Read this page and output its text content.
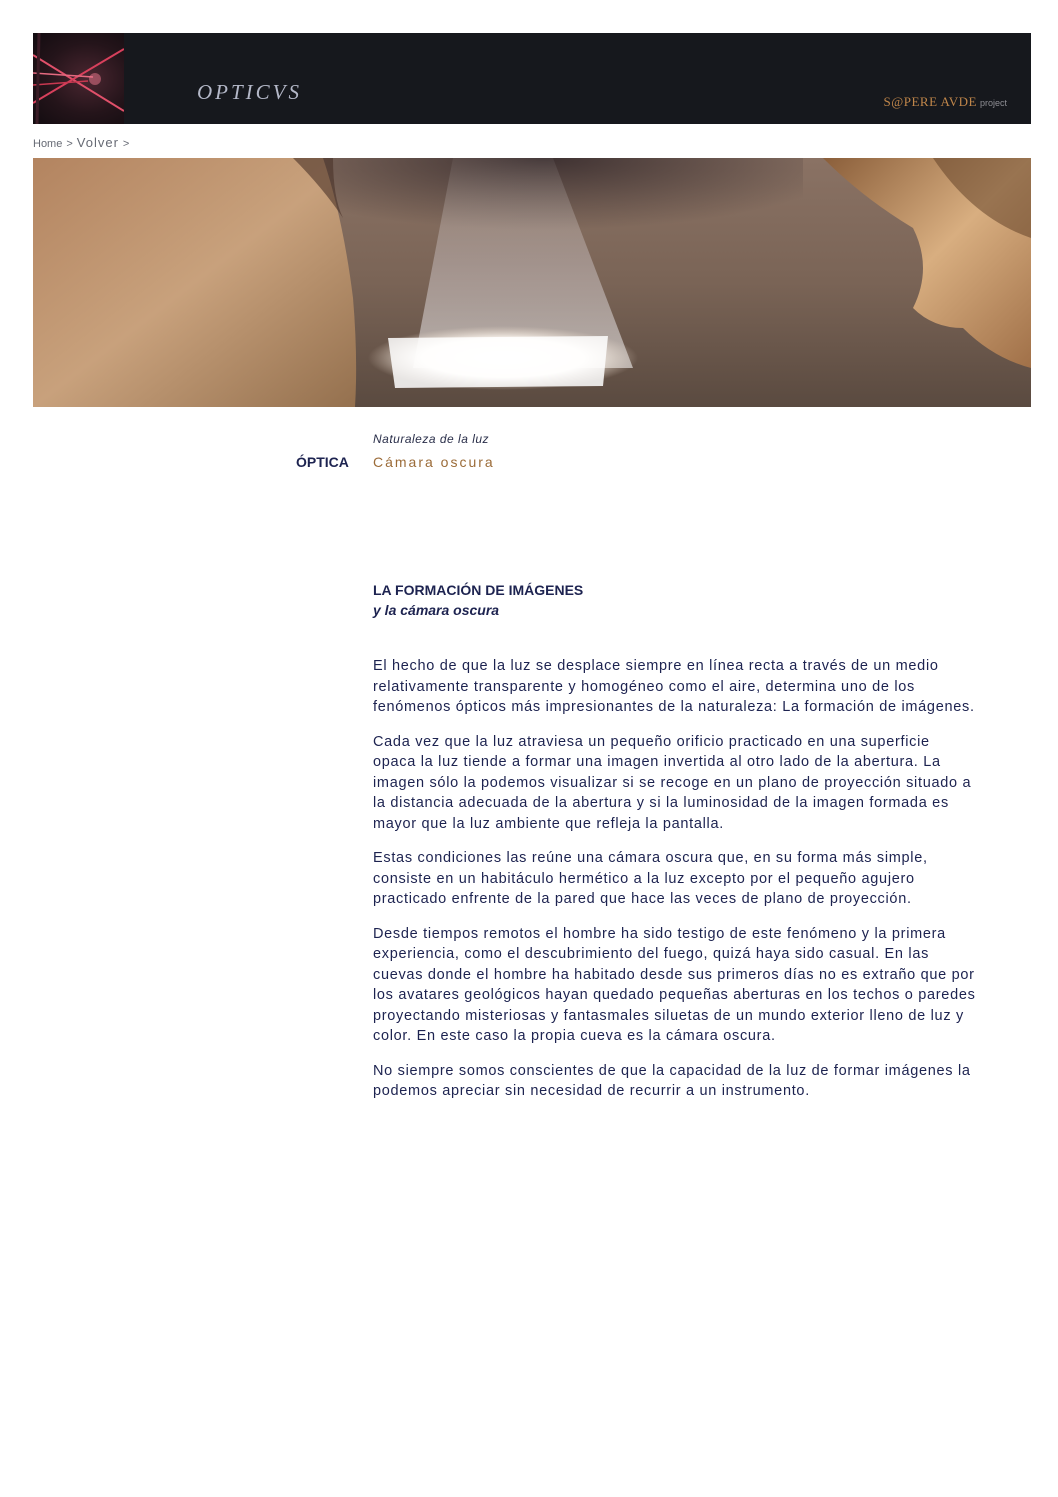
OPTICVS	S@PERE AVDE project
Home > Volver >
ÓPTICA
Naturaleza de la luz
Cámara oscura
LA FORMACIÓN DE IMÁGENES
y la cámara oscura

El hecho de que la luz se desplace siempre en línea recta a través de un medio relativamente transparente y homogéneo como el aire, determina uno de los fenómenos ópticos más impresionantes de la naturaleza: La formación de imágenes.

Cada vez que la luz atraviesa un pequeño orificio practicado en una superficie opaca la luz tiende a formar una imagen invertida al otro lado de la abertura. La imagen sólo la podemos visualizar si se recoge en un plano de proyección situado a la distancia adecuada de la abertura y si la luminosidad de la imagen formada es mayor que la luz ambiente que refleja la pantalla.

Estas condiciones las reúne una cámara oscura que, en su forma más simple, consiste en un habitáculo hermético a la luz excepto por el pequeño agujero practicado enfrente de la pared que hace las veces de plano de proyección.

Desde tiempos remotos el hombre ha sido testigo de este fenómeno y la primera experiencia, como el descubrimiento del fuego, quizá haya sido casual. En las cuevas donde el hombre ha habitado desde sus primeros días no es extraño que por los avatares geológicos hayan quedado pequeñas aberturas en los techos o paredes proyectando misteriosas y fantasmales siluetas de un mundo exterior lleno de luz y color. En este caso la propia cueva es la cámara oscura.

No siempre somos conscientes de que la capacidad de la luz de formar imágenes la podemos apreciar sin necesidad de recurrir a un instrumento.
